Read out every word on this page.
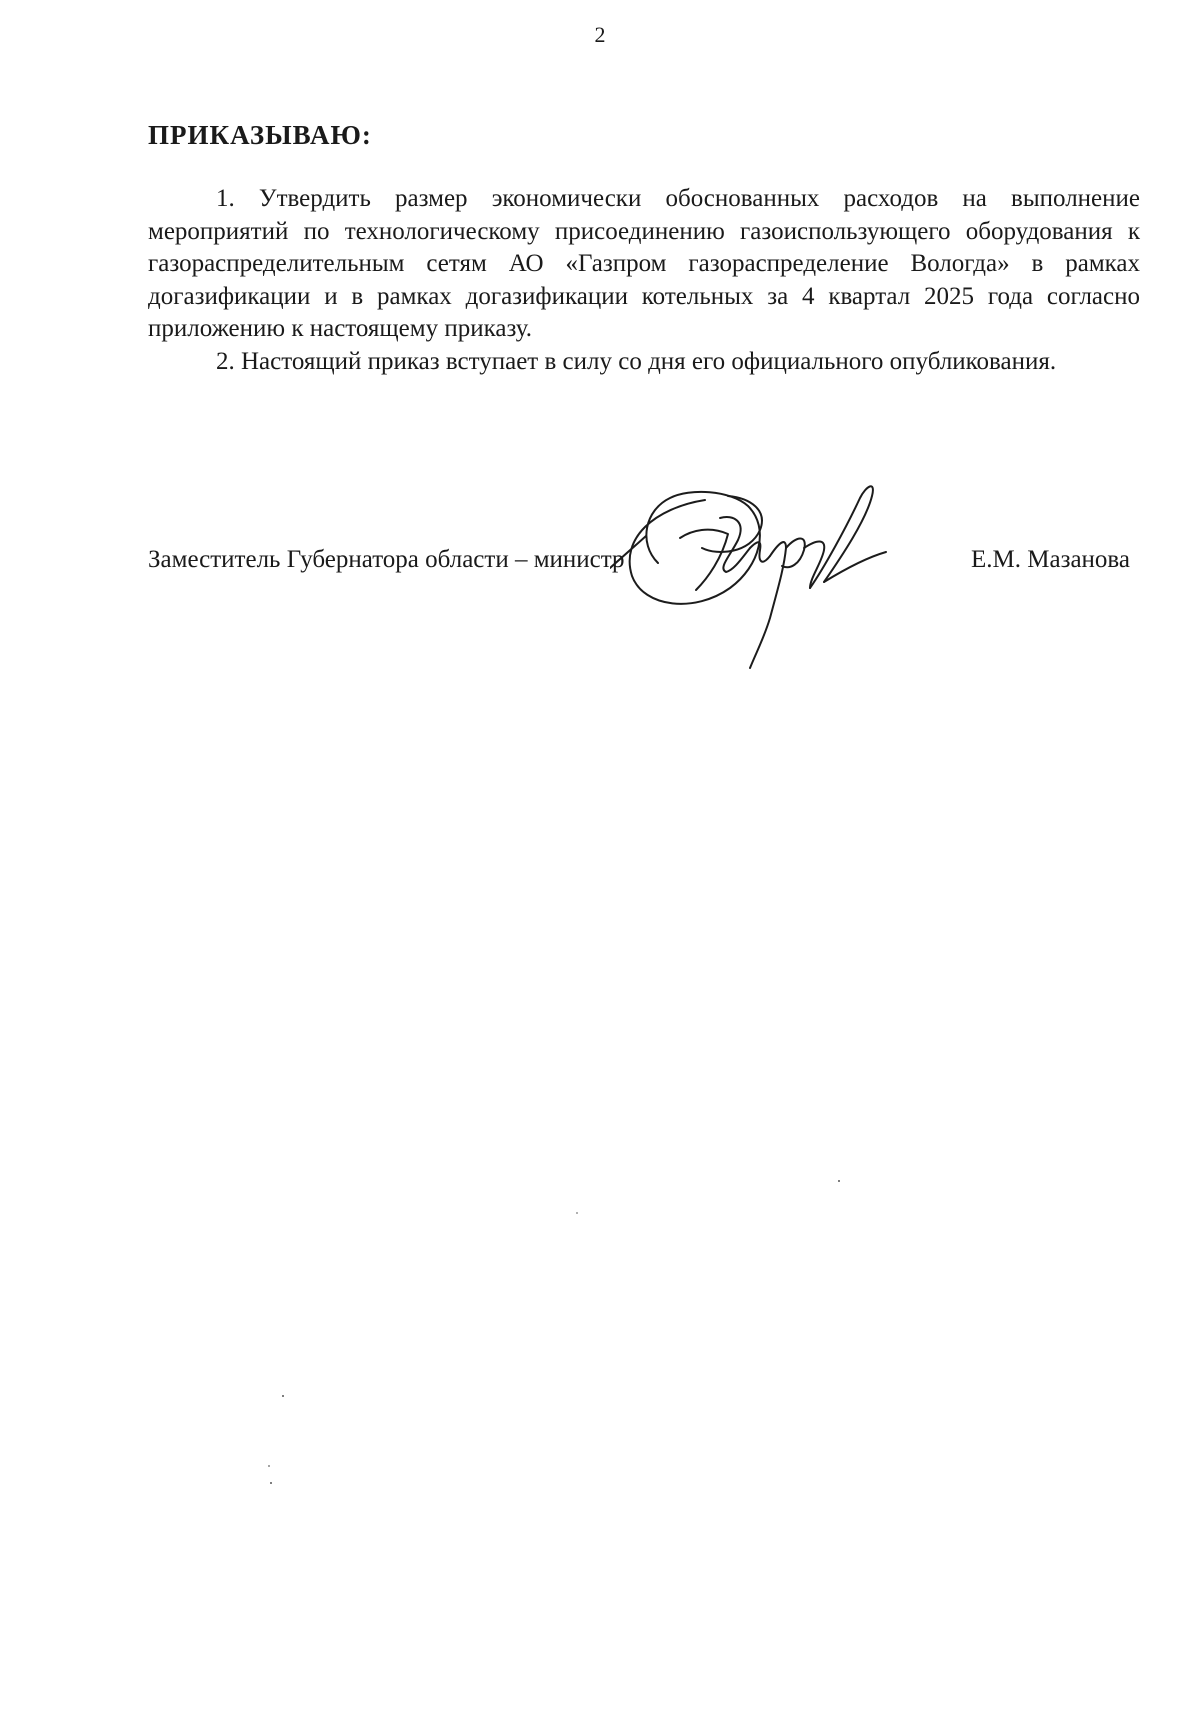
2
ПРИКАЗЫВАЮ:

1. Утвердить размер экономически обоснованных расходов на выполнение мероприятий по технологическому присоединению газоиспользующего оборудования к газораспределительным сетям АО «Газпром газораспределение Вологда» в рамках догазификации и в рамках догазификации котельных за 4 квартал 2025 года согласно приложению к настоящему приказу.

2. Настоящий приказ вступает в силу со дня его официального опубликования.

Заместитель Губернатора области – министр	Е.М. Мазанова
